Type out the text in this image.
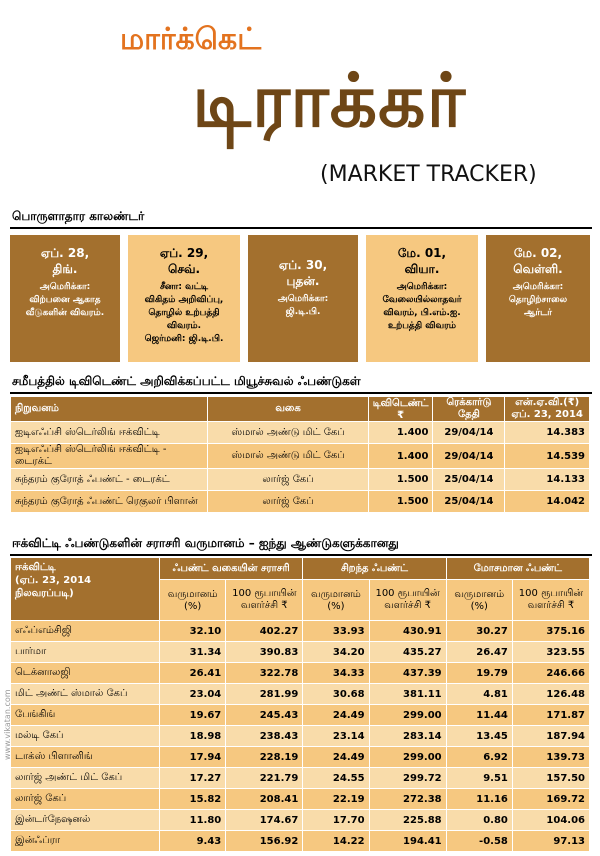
மார்க்கெட்
டிராக்கர்
(MARKET TRACKER)
பொருளாதார காலண்டர்
ஏப். 28,
திங்.
அமெரிக்கா:
விற்பனை ஆகாத
வீடுகளின் விவரம்.
ஏப். 29,
செவ்.
சீனா: வட்டி
விகிதம் அறிவிப்பு,
தொழில் உற்பத்தி விவரம்.
ஜெர்மனி: ஜி.டி.பி.
ஏப். 30,
புதன்.
அமெரிக்கா:
ஜி.டி.பி.
மே. 01,
வியா.
அமெரிக்கா:
வேலையில்லாதவர்
விவரம், பி.எம்.ஐ.
உற்பத்தி விவரம்
மே. 02,
வெள்ளி.
அமெரிக்கா:
தொழிற்சாலை
ஆர்டர்
சமீபத்தில் டிவிடெண்ட் அறிவிக்கப்பட்ட மியூச்சுவல் ஃபண்டுகள்
நிறுவனம்	வகை	டிவிடெண்ட் ₹	ரெக்கார்டு தேதி	என்.ஏ.வி.(₹) ஏப். 23, 2014
ஐடிஎஃப்சி ஸ்டெர்லிங் ஈக்விட்டி	ஸ்மால் அண்டு மிட் கேப்	1.400	29/04/14	14.383
ஐடிஎஃப்சி ஸ்டெர்லிங் ஈக்விட்டி - டைரக்ட்	ஸ்மால் அண்டு மிட் கேப்	1.400	29/04/14	14.539
சுந்தரம் குரோத் ஃபண்ட் - டைரக்ட்	லார்ஜ் கேப்	1.500	25/04/14	14.133
சுந்தரம் குரோத் ஃபண்ட் ரெகுலர் பிளான்	லார்ஜ் கேப்	1.500	25/04/14	14.042
ஈக்விட்டி ஃபண்டுகளின் சராசரி வருமானம் – ஐந்து ஆண்டுகளுக்கானது
ஈக்விட்டி
(ஏப். 23, 2014
நிலவரப்படி)	ஃபண்ட் வகையின் சராசரி		சிறந்த ஃபண்ட்		மோசமான ஃபண்ட்	
	வருமானம் (%)	100 ரூபாயின் வளர்ச்சி ₹	வருமானம் (%)	100 ரூபாயின் வளர்ச்சி ₹	வருமானம் (%)	100 ரூபாயின் வளர்ச்சி ₹
எஃப்எம்சிஜி	32.10	402.27	33.93	430.91	30.27	375.16
பார்மா	31.34	390.83	34.20	435.27	26.47	323.55
டெக்னாலஜி	26.41	322.78	34.33	437.39	19.79	246.66
மிட் அண்ட் ஸ்மால் கேப்	23.04	281.99	30.68	381.11	4.81	126.48
பேங்கிங்	19.67	245.43	24.49	299.00	11.44	171.87
மல்டி கேப்	18.98	238.43	23.14	283.14	13.45	187.94
டாக்ஸ் பிளானிங்	17.94	228.19	24.49	299.00	6.92	139.73
லார்ஜ் அண்ட் மிட் கேப்	17.27	221.79	24.55	299.72	9.51	157.50
லார்ஜ் கேப்	15.82	208.41	22.19	272.38	11.16	169.72
இன்டர்நேஷனல்	11.80	174.67	17.70	225.88	0.80	104.06
இன்ஃப்ரா	9.43	156.92	14.22	194.41	-0.58	97.13
www.vikatan.com
